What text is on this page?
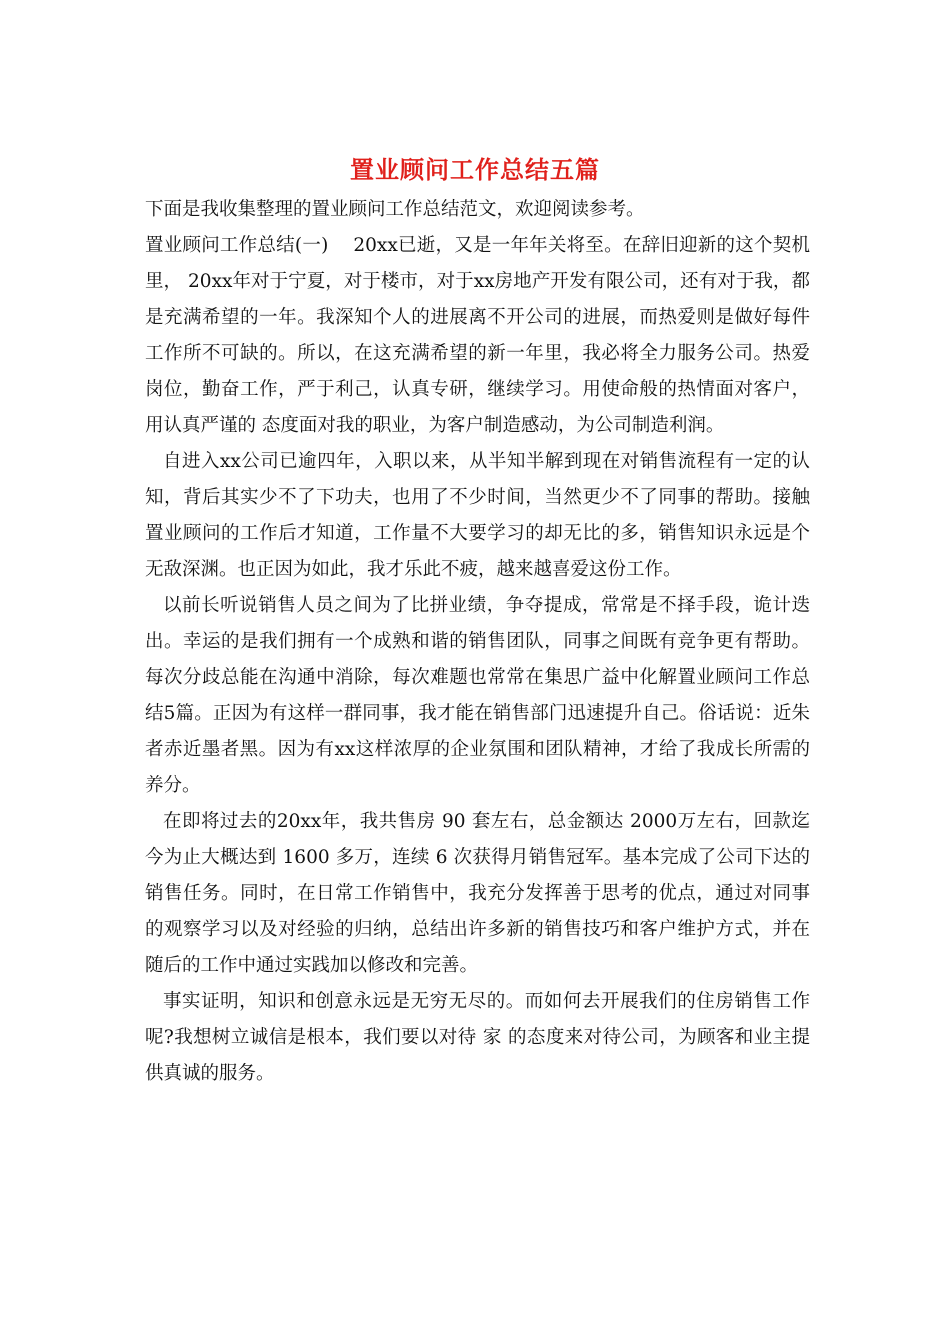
置业顾问工作总结五篇

下面是我收集整理的置业顾问工作总结范文，欢迎阅读参考。

置业顾问工作总结(一)　 20xx已逝，又是一年年关将至。在辞旧迎新的这个契机里， 20xx年对于宁夏，对于楼市，对于xx房地产开发有限公司，还有对于我，都是充满希望的一年。我深知个人的进展离不开公司的进展，而热爱则是做好每件工作所不可缺的。所以，在这充满希望的新一年里，我必将全力服务公司。热爱岗位，勤奋工作，严于利己，认真专研，继续学习。用使命般的热情面对客户，用认真严谨的 态度面对我的职业，为客户制造感动，为公司制造利润。

自进入xx公司已逾四年，入职以来，从半知半解到现在对销售流程有一定的认知，背后其实少不了下功夫，也用了不少时间，当然更少不了同事的帮助。接触置业顾问的工作后才知道，工作量不大要学习的却无比的多，销售知识永远是个无敌深渊。也正因为如此，我才乐此不疲，越来越喜爱这份工作。

以前长听说销售人员之间为了比拼业绩，争夺提成，常常是不择手段，诡计迭出。幸运的是我们拥有一个成熟和谐的销售团队，同事之间既有竞争更有帮助。每次分歧总能在沟通中消除，每次难题也常常在集思广益中化解置业顾问工作总结5篇。正因为有这样一群同事，我才能在销售部门迅速提升自己。俗话说：近朱者赤近墨者黑。因为有xx这样浓厚的企业氛围和团队精神，才给了我成长所需的养分。

在即将过去的20xx年，我共售房 90 套左右，总金额达 2000万左右，回款迄今为止大概达到 1600 多万，连续 6 次获得月销售冠军。基本完成了公司下达的销售任务。同时，在日常工作销售中，我充分发挥善于思考的优点，通过对同事的观察学习以及对经验的归纳，总结出许多新的销售技巧和客户维护方式，并在随后的工作中通过实践加以修改和完善。

事实证明，知识和创意永远是无穷无尽的。而如何去开展我们的住房销售工作呢?我想树立诚信是根本，我们要以对待 家 的态度来对待公司，为顾客和业主提供真诚的服务。
